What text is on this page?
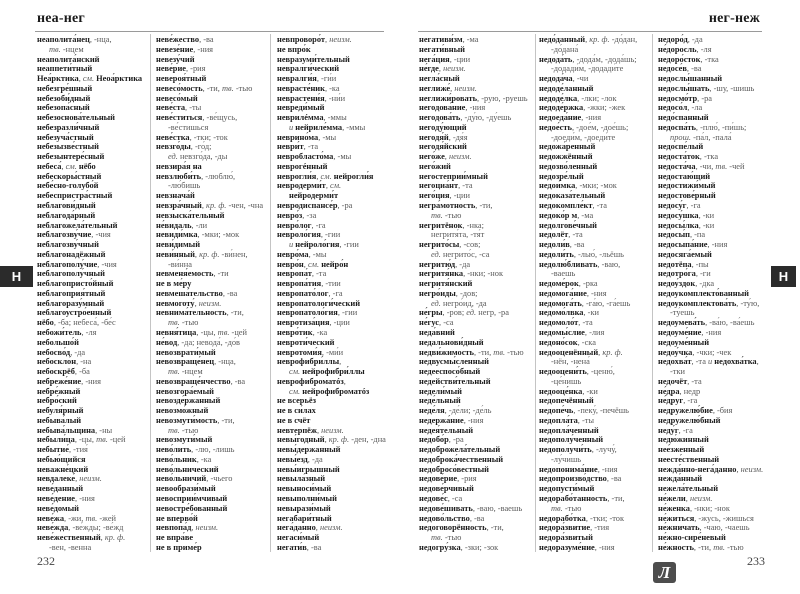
неа-нег
неаполита́нец, -нца,
тв. -нцем
неаполита́нский
неаппети́тный
Неа́рктика, см. Неоа́рктика
небезгре́шный
небезоби́дный
небезопа́сный
небезоснова́тельный
небезразли́чный
небезуча́стный
небезызве́стный
небезынтере́сный
небеса́, см. нёбо
небескоры́стный
небе́сно-голубо́й
небеспристра́стный
неблагови́дный
неблагода́рный
неблагожела́тельный
неблагозву́чие, -чия
неблагозву́чный
неблагонадёжный
неблагополу́чие, -чия
неблагополу́чный
неблагопристо́йный
неблагоприя́тный
неблагоразу́мный
неблагоустро́енный
нёбо, -ба; небеса́, -бе́с
небожи́тель, -ля
небольшо́й
небосво́д, -да
небоскло́н, -на
небоскрёб, -ба
небреже́ние, -ния
небре́жный
небро́ский
небуля́рный
небыва́лый
небыва́льщина, -ны
небыли́ца, -цы, тв. -цей
небытие́, -тия́
небью́щийся
неважне́цкий
невдалеке́, неизм.
неве́данный
неве́дение, -ния
неве́домый
неве́жа, -жи, тв. -жей
неве́жда, -ве́жды; -ве́жд
неве́жественный, кр. ф.
-вен, -венна
неве́жество, -ва
невезе́ние, -ния
невезу́чий
неве́рие, -рия
невероя́тный
невесо́мость, -ти, тв. -тью
невесо́мый
неве́ста, -ты
неве́ститься, -ве́щусь,
-ве́стишься
неве́стка, -тки; -ток
невзго́ды, -го́д;
ед. невзго́да, -ды
невзира́я на
невзлюби́ть, -люблю́,
-лю́бишь
невзнача́й
невзра́чный, кр. ф. -чен, -чна
невзыска́тельный
не́видаль, -ли
невиди́мка, -мки; -мок
неви́димый
неви́нный, кр. ф. -ви́нен,
-ви́нна
невменя́емость, -ти
не в ме́ру
невмеша́тельство, -ва
невмоготу́, неизм.
невнима́тельность, -ти,
тв. -тью
невня́тица, -цы, тв. -цей
не́вод, -да; невода́, -до́в
невозврати́мый
невозвраще́нец, -нца,
тв. -нцем
невозвраще́нчество, -ва
невозгора́емый
невозде́ржанный
невозмо́жный
невозмути́мость, -ти,
тв. -тью
невозмути́мый
нево́лить, -лю, -лишь
нево́льник, -ка
нево́льнический
нево́льничий, -чьего
невообрази́мый
невосприи́мчивый
невостре́бованный
не вперво́й
невпопа́д, неизм.
не впра́ве
не в приме́р
невпроворо́т, неизм.
не впро́к
невразуми́тельный
невралги́ческий
невралги́я, -ги́и
неврасте́ник, -ка
неврастени́я, -ни́и
невреди́мый
неврилéмма, -ммы
и нейриле́мма, -ммы
неврино́ма, -мы
неври́т, -та
невробласто́ма, -мы
неврогéнный
неврогли́я, см. нейрогли́я
невродерми́т, см.
нейродерми́т
невродиспансе́р, -ра
невро́з, -за
невро́лог, -га
невроло́гия, -гии
и нейроло́гия, -гии
невро́ма, -мы
невро́н, см. нейро́н
невропа́т, -та
невропа́тия, -тии
невропато́лог, -га
невропатологи́ческий
невропатоло́гия, -гии
невротиза́ция, -ции
невро́тик, -ка
невроти́ческий
невротоми́я, -ми́и
неврофибри́ллы,
см. нейрофибри́ллы
неврофиброматóз,
см. нейрофиброматóз
не всерьёз
не в си́лах
не в счёт
невтерпёж, неизм.
невы́годный, кр. ф. -ден, -дна
невы́держанный
невы́езд, -да
невы́игрышный
невыла́зный
невыноси́мый
невыполни́мый
невырази́мый
негабари́тный
нега́данно, неизм.
негаси́мый
негати́в, -ва
232
Н
нег-неж
негативи́зм, -ма
негати́вный
нега́ция, -ции
не́где, неизм.
негла́сный
неглиже́, неизм.
неглижи́ровать, -рую, -руешь
негодова́ние, -ния
негодова́ть, -ду́ю, -ду́ешь
негоду́ющий
негодя́й, -дя́я
негодя́йский
него́же, неизм.
него́жий
негостеприи́мный
негоциа́нт, -та
него́ция, -ции
негра́мотность, -ти,
тв. -тью
негритёнок, -нка;
негритя́та, -тя́т
негрито́сы, -сов;
ед. негрито́с, -са
негритю́д, -да
негритя́нка, -нки; -нок
негритя́нский
негро́иды, -дов;
ед. негро́ид, -да
не́гры, -ров; ед. негр, -ра
не́гус, -са
неда́вний
недальнови́дный
недви́жимость, -ти, тв. -тью
недвусмы́сленный
недееспосо́бный
недействи́тельный
недели́мый
неде́льный
неде́ля, -де́ли; -де́ль
недержа́ние, -ния
недея́тельный
недобо́р, -ра
недоброжела́тельный
недоброка́чественный
недобросо́вестный
недове́рие, -рия
недове́рчивый
недове́с, -са
недове́шивать, -ваю, -ваешь
недово́льство, -ва
недоговорённость, -ти,
тв. -тью
недогру́зка, -зки; -зок
недо́данный, кр. ф. -до́дан,
-до́дана́
недода́ть, -дода́м, -дода́шь;
-додади́м, -додади́те
недода́ча, -чи
недоде́ланный
недоде́лка, -лки; -лок
недоде́ржка, -жки; -жек
недоеда́ние, -ния
недое́сть, -дое́м, -дое́шь;
-доеди́м, -доеди́те
недожа́ренный
недожжённый
недозво́ленный
недозре́лый
недои́мка, -мки; -мок
недоказа́тельный
недокомпле́кт, -та
недоко́р м, -ма
недолгове́чный
недолёт, -та
недоли́в, -ва
недоли́ть, -лью́, -льёшь
недолю́бливать, -ваю,
-ваешь
недоме́рок, -рка
недомога́ние, -ния
недомога́ть, -га́ю, -га́ешь
недомо́лвка, -ки
недомоло́т, -та
недомы́слие, -лия
недоно́сок, -ска
недооценённый, кр. ф.
-нён, -нена́
недооцени́ть, -ценю́,
-це́нишь
недооце́нка, -ки
недопечённый
недопе́чь, -пеку́, -печёшь
недопла́та, -ты
недопла́ченный
недополу́ченный
недополучи́ть, -лучу́,
-лу́чишь
недопонима́ние, -ния
недопроизво́дство, -ва
недопусти́мый
недорабо́танность, -ти,
тв. -тью
недорабо́тка, -тки; -ток
недора́звитие, -тия
недора́звитый
недоразуме́ние, -ния
недоро́д, -да
не́доросль, -ля
недоро́сток, -тка
недосе́в, -ва
недослы́шанный
недослы́шать, -шу, -шишь
недосмо́тр, -ра
недосо́л, -ла
недо́спанный
недоспа́ть, -плю́, -пи́шь;
прош. -па́л, -пала́
недоспе́лый
недоста́ток, -тка
недоста́ча, -чи, тв. -чей
недостаю́щий
недостижи́мый
недостове́рный
недосу́г, -га
недосу́шка, -ки
недосы́лка, -ки
недосы́п, -па
недосыпа́ние, -ния
недосяга́емый
недотёпа, -пы
недотро́га, -ги
недоу́здок, -дка
недоукомплекто́ванный
недоукомплектова́ть, -ту́ю,
-ту́ешь
недоумева́ть, -ва́ю, -ва́ешь
недоуме́ние, -ния
недоуме́нный
недоу́чка, -чки; -чек
недохва́т, -та и недохва́тка,
-тки
недочёт, -та
не́дра, недр
не́друг, -га
недружелю́бие, -бия
недружелю́бный
неду́г, -га
недю́жинный
нее́зженный
неесте́ственный
нежда́нно-нега́данно, неизм.
нежда́нный
нежела́тельный
не́жели, неизм.
не́женка, -нки; -нок
не́житься, -жусь, -жишься
не́жничать, -чаю, -чаешь
не́жно-сире́невый
не́жность, -ти, тв. -тью
233
Н
Л
